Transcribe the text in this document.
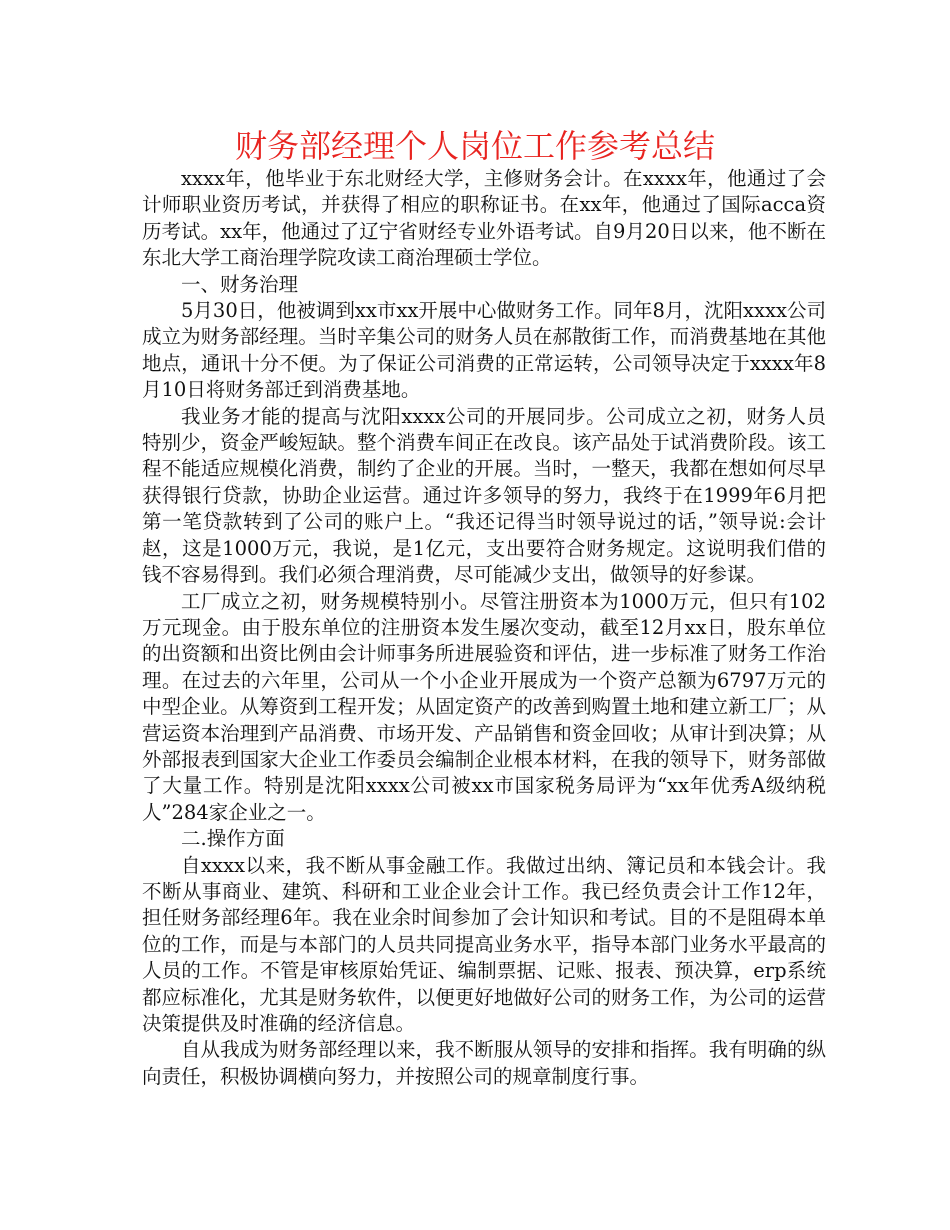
财务部经理个人岗位工作参考总结

xxxx年，他毕业于东北财经大学，主修财务会计。在xxxx年，他通过了会计师职业资历考试，并获得了相应的职称证书。在xx年，他通过了国际acca资历考试。xx年，他通过了辽宁省财经专业外语考试。自9月20日以来，他不断在东北大学工商治理学院攻读工商治理硕士学位。

一、财务治理

5月30日，他被调到xx市xx开展中心做财务工作。同年8月，沈阳xxxx公司成立为财务部经理。当时辛集公司的财务人员在郝散街工作，而消费基地在其他地点，通讯十分不便。为了保证公司消费的正常运转，公司领导决定于xxxx年8月10日将财务部迁到消费基地。

我业务才能的提高与沈阳xxxx公司的开展同步。公司成立之初，财务人员特别少，资金严峻短缺。整个消费车间正在改良。该产品处于试消费阶段。该工程不能适应规模化消费，制约了企业的开展。当时，一整天，我都在想如何尽早获得银行贷款，协助企业运营。通过许多领导的努力，我终于在1999年6月把第一笔贷款转到了公司的账户上。“我还记得当时领导说过的话，”领导说:会计赵，这是1000万元，我说，是1亿元，支出要符合财务规定。这说明我们借的钱不容易得到。我们必须合理消费，尽可能减少支出，做领导的好参谋。

工厂成立之初，财务规模特别小。尽管注册资本为1000万元，但只有102万元现金。由于股东单位的注册资本发生屡次变动，截至12月xx日，股东单位的出资额和出资比例由会计师事务所进展验资和评估，进一步标准了财务工作治理。在过去的六年里，公司从一个小企业开展成为一个资产总额为6797万元的中型企业。从筹资到工程开发；从固定资产的改善到购置土地和建立新工厂；从营运资本治理到产品消费、市场开发、产品销售和资金回收；从审计到决算；从外部报表到国家大企业工作委员会编制企业根本材料，在我的领导下，财务部做了大量工作。特别是沈阳xxxx公司被xx市国家税务局评为“xx年优秀A级纳税人”284家企业之一。

二.操作方面

自xxxx以来，我不断从事金融工作。我做过出纳、簿记员和本钱会计。我不断从事商业、建筑、科研和工业企业会计工作。我已经负责会计工作12年，担任财务部经理6年。我在业余时间参加了会计知识和考试。目的不是阻碍本单位的工作，而是与本部门的人员共同提高业务水平，指导本部门业务水平最高的人员的工作。不管是审核原始凭证、编制票据、记账、报表、预决算，erp系统都应标准化，尤其是财务软件，以便更好地做好公司的财务工作，为公司的运营决策提供及时准确的经济信息。

自从我成为财务部经理以来，我不断服从领导的安排和指挥。我有明确的纵向责任，积极协调横向努力，并按照公司的规章制度行事。
